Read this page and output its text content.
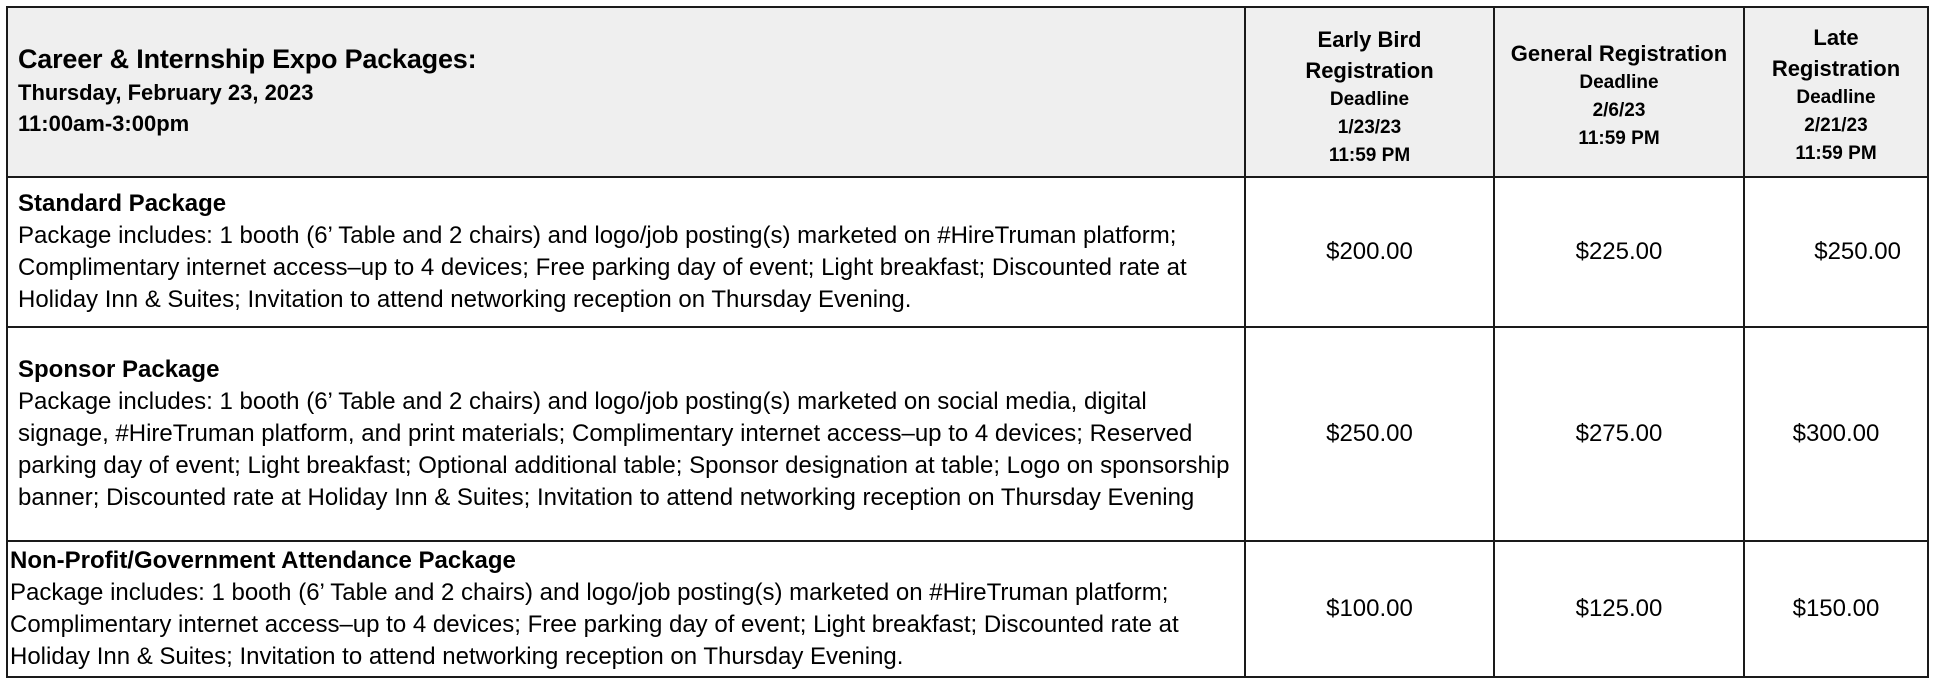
Career & Internship Expo Packages:
Thursday, February 23, 2023
11:00am-3:00pm	Early Bird
Registration
Deadline
1/23/23
11:59 PM	General Registration
Deadline
2/6/23
11:59 PM	Late
Registration
Deadline
2/21/23
11:59 PM

Standard Package
Package includes: 1 booth (6’ Table and 2 chairs) and logo/job posting(s) marketed on #HireTruman platform; Complimentary internet access–up to 4 devices; Free parking day of event; Light breakfast; Discounted rate at Holiday Inn & Suites; Invitation to attend networking reception on Thursday Evening.	$200.00	$225.00	$250.00

Sponsor Package
Package includes: 1 booth (6’ Table and 2 chairs) and logo/job posting(s) marketed on social media, digital signage, #HireTruman platform, and print materials; Complimentary internet access–up to 4 devices; Reserved parking day of event; Light breakfast; Optional additional table; Sponsor designation at table; Logo on sponsorship banner; Discounted rate at Holiday Inn & Suites; Invitation to attend networking reception on Thursday Evening	$250.00	$275.00	$300.00

Non-Profit/Government Attendance Package
Package includes: 1 booth (6’ Table and 2 chairs) and logo/job posting(s) marketed on #HireTruman platform; Complimentary internet access–up to 4 devices; Free parking day of event; Light breakfast; Discounted rate at Holiday Inn & Suites; Invitation to attend networking reception on Thursday Evening.	$100.00	$125.00	$150.00
